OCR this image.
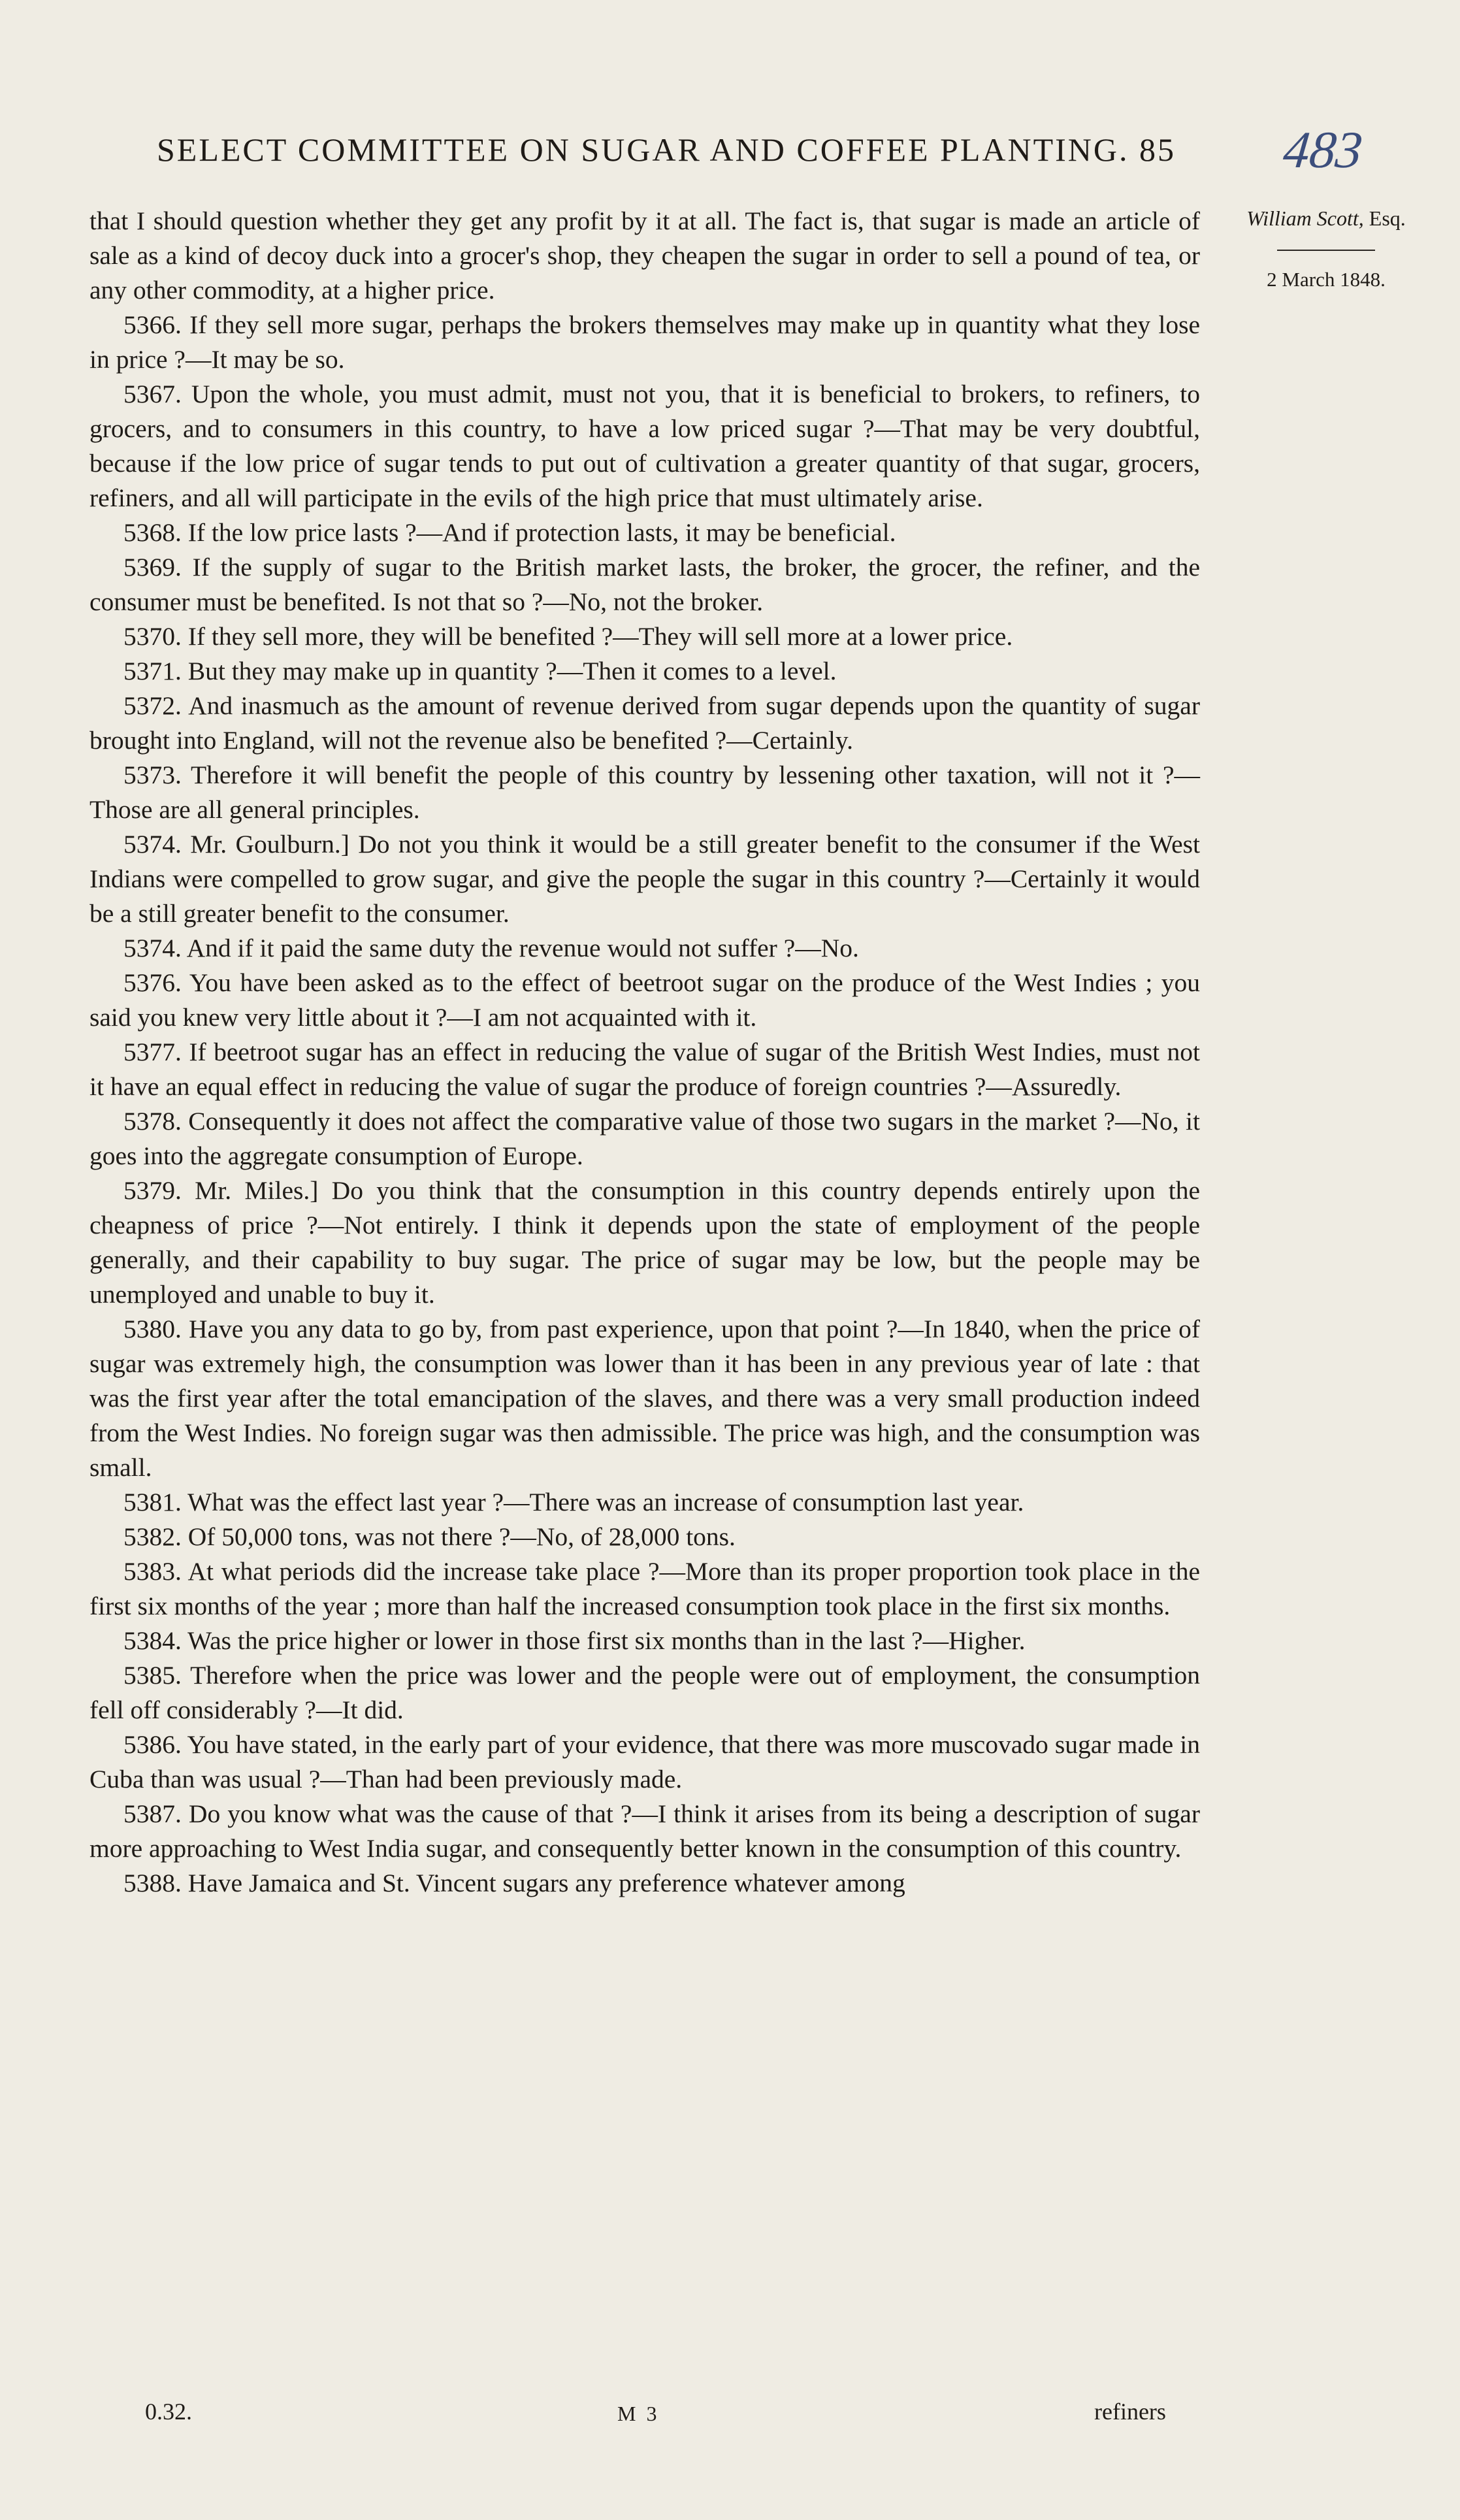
SELECT COMMITTEE ON SUGAR AND COFFEE PLANTING. 85	483
William Scott, Esq.
2 March 1848.

that I should question whether they get any profit by it at all. The fact is, that sugar is made an article of sale as a kind of decoy duck into a grocer's shop, they cheapen the sugar in order to sell a pound of tea, or any other commodity, at a higher price.

5366. If they sell more sugar, perhaps the brokers themselves may make up in quantity what they lose in price ?—It may be so.

5367. Upon the whole, you must admit, must not you, that it is beneficial to brokers, to refiners, to grocers, and to consumers in this country, to have a low priced sugar ?—That may be very doubtful, because if the low price of sugar tends to put out of cultivation a greater quantity of that sugar, grocers, refiners, and all will participate in the evils of the high price that must ultimately arise.

5368. If the low price lasts ?—And if protection lasts, it may be beneficial.

5369. If the supply of sugar to the British market lasts, the broker, the grocer, the refiner, and the consumer must be benefited. Is not that so ?—No, not the broker.

5370. If they sell more, they will be benefited ?—They will sell more at a lower price.

5371. But they may make up in quantity ?—Then it comes to a level.

5372. And inasmuch as the amount of revenue derived from sugar depends upon the quantity of sugar brought into England, will not the revenue also be benefited ?—Certainly.

5373. Therefore it will benefit the people of this country by lessening other taxation, will not it ?—Those are all general principles.

5374. Mr. Goulburn.] Do not you think it would be a still greater benefit to the consumer if the West Indians were compelled to grow sugar, and give the people the sugar in this country ?—Certainly it would be a still greater benefit to the consumer.

5374. And if it paid the same duty the revenue would not suffer ?—No.

5376. You have been asked as to the effect of beetroot sugar on the produce of the West Indies ; you said you knew very little about it ?—I am not acquainted with it.

5377. If beetroot sugar has an effect in reducing the value of sugar of the British West Indies, must not it have an equal effect in reducing the value of sugar the produce of foreign countries ?—Assuredly.

5378. Consequently it does not affect the comparative value of those two sugars in the market ?—No, it goes into the aggregate consumption of Europe.

5379. Mr. Miles.] Do you think that the consumption in this country depends entirely upon the cheapness of price ?—Not entirely. I think it depends upon the state of employment of the people generally, and their capability to buy sugar. The price of sugar may be low, but the people may be unemployed and unable to buy it.

5380. Have you any data to go by, from past experience, upon that point ?—In 1840, when the price of sugar was extremely high, the consumption was lower than it has been in any previous year of late : that was the first year after the total emancipation of the slaves, and there was a very small production indeed from the West Indies. No foreign sugar was then admissible. The price was high, and the consumption was small.

5381. What was the effect last year ?—There was an increase of consumption last year.

5382. Of 50,000 tons, was not there ?—No, of 28,000 tons.

5383. At what periods did the increase take place ?—More than its proper proportion took place in the first six months of the year ; more than half the increased consumption took place in the first six months.

5384. Was the price higher or lower in those first six months than in the last ?—Higher.

5385. Therefore when the price was lower and the people were out of employment, the consumption fell off considerably ?—It did.

5386. You have stated, in the early part of your evidence, that there was more muscovado sugar made in Cuba than was usual ?—Than had been previously made.

5387. Do you know what was the cause of that ?—I think it arises from its being a description of sugar more approaching to West India sugar, and consequently better known in the consumption of this country.

5388. Have Jamaica and St. Vincent sugars any preference whatever among

0.32.	M 3	refiners
